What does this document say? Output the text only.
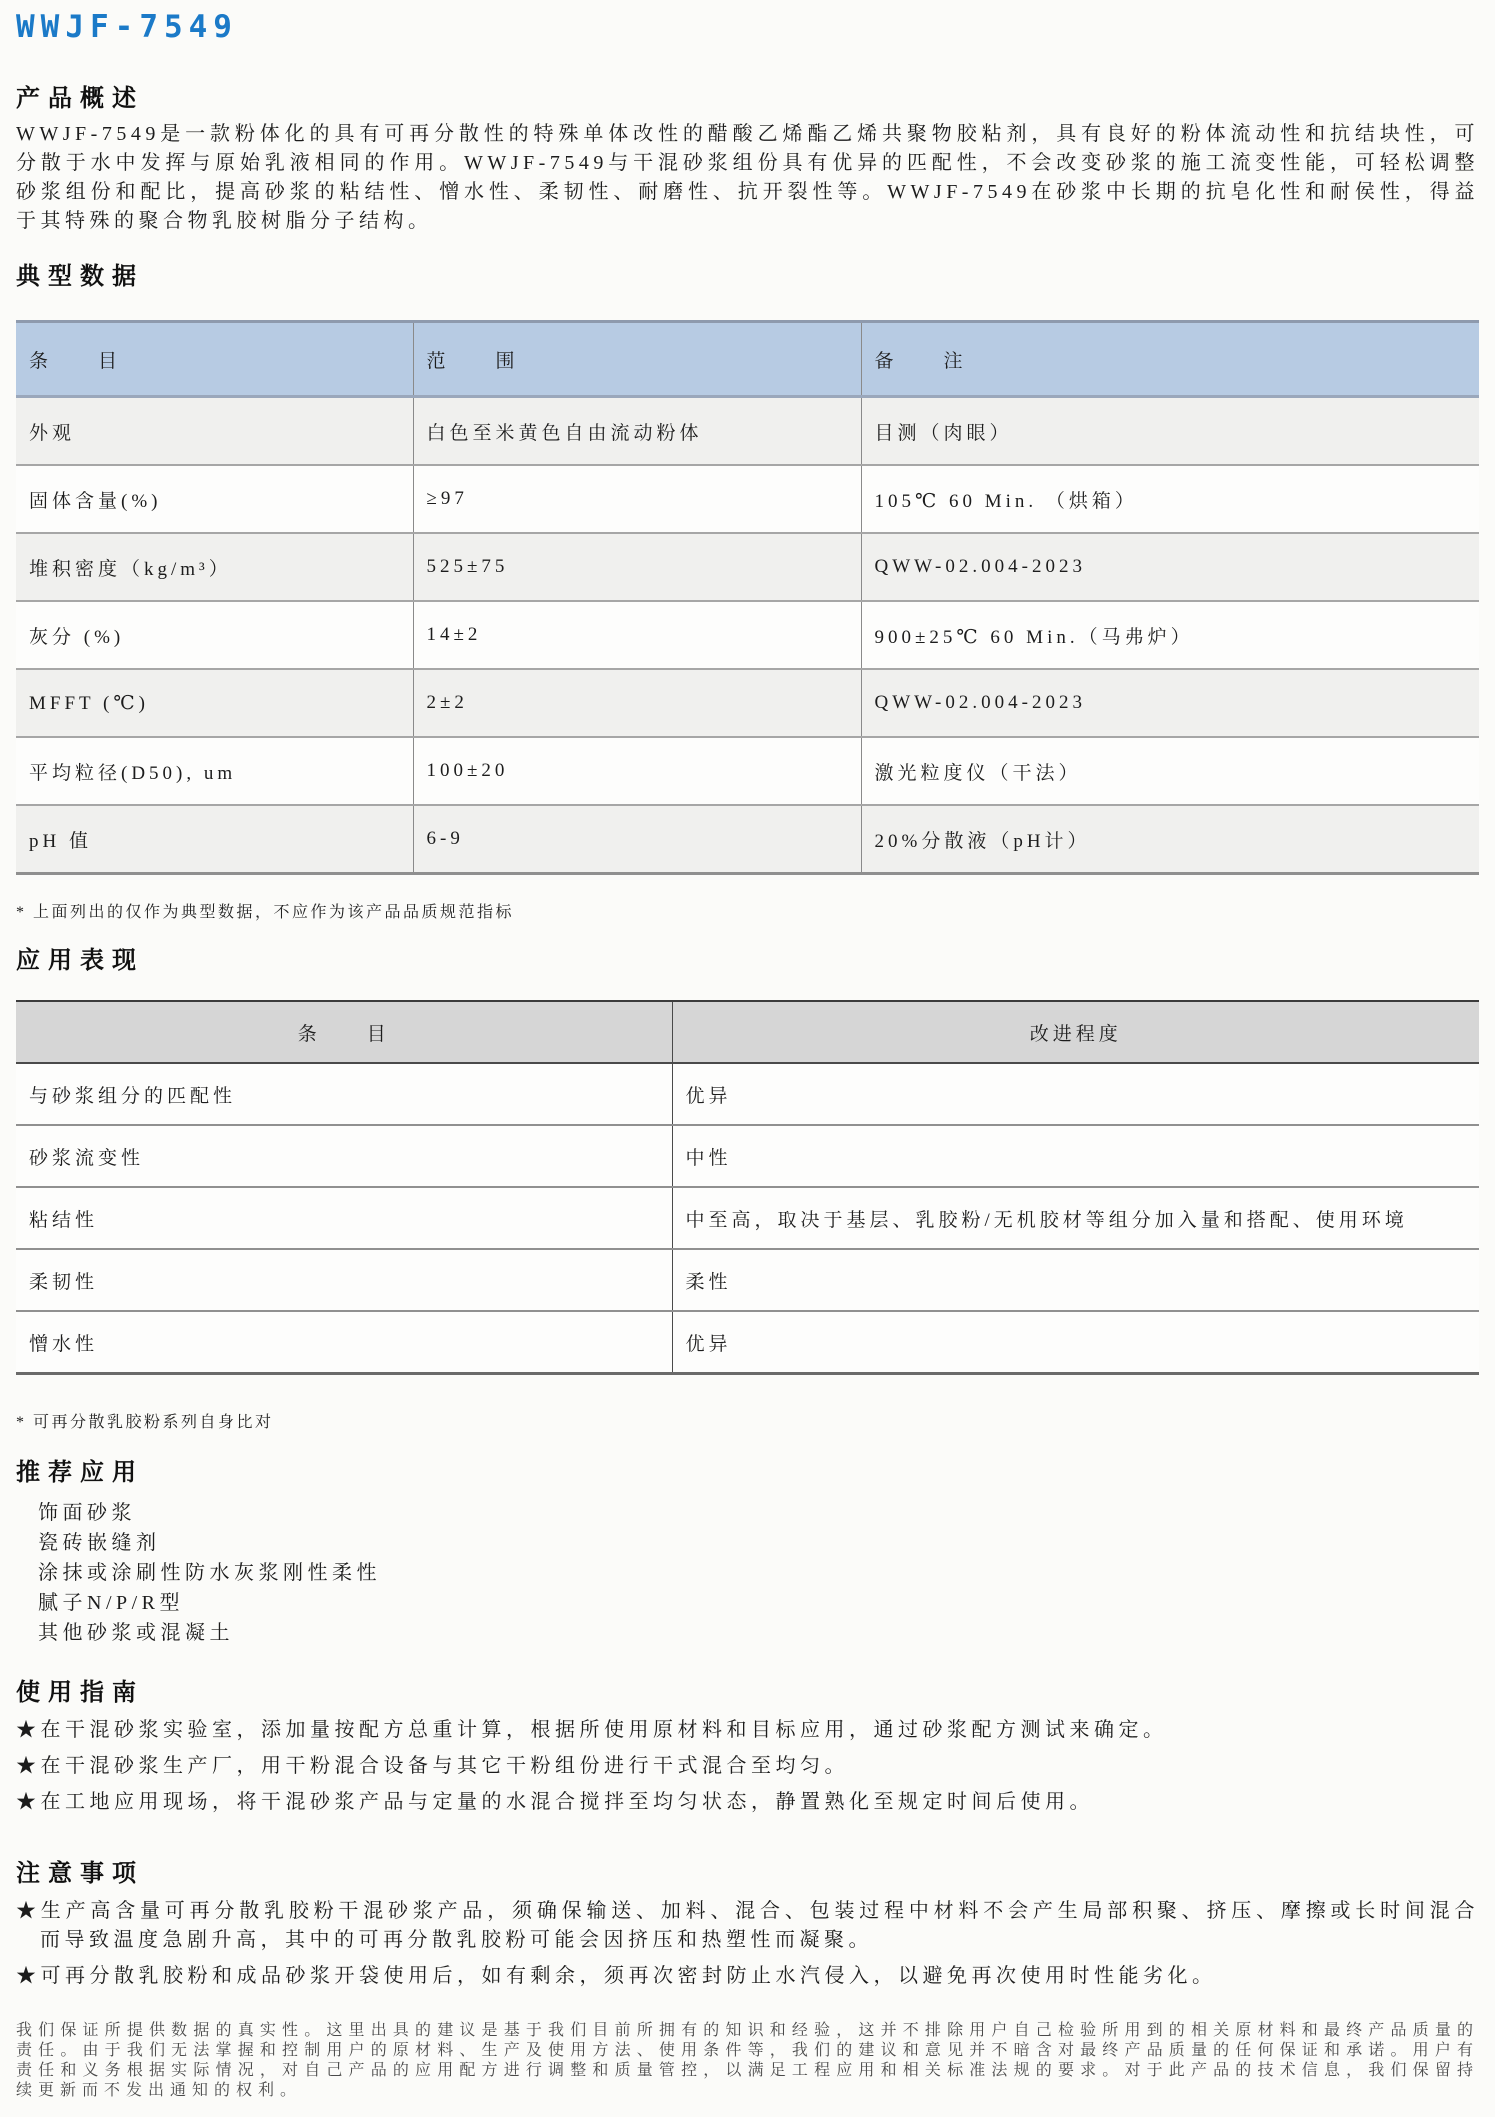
WWJF-7549
产品概述

WWJF-7549是一款粉体化的具有可再分散性的特殊单体改性的醋酸乙烯酯乙烯共聚物胶粘剂，具有良好的粉体流动性和抗结块性，可分散于水中发挥与原始乳液相同的作用。WWJF-7549与干混砂浆组份具有优异的匹配性，不会改变砂浆的施工流变性能，可轻松调整砂浆组份和配比，提高砂浆的粘结性、憎水性、柔韧性、耐磨性、抗开裂性等。WWJF-7549在砂浆中长期的抗皂化性和耐侯性，得益于其特殊的聚合物乳胶树脂分子结构。

典型数据
条　　目	范　　围	备　　注
外观	白色至米黄色自由流动粉体	目测（肉眼）
固体含量(%)	≥97	105℃ 60 Min. （烘箱）
堆积密度（kg/m³）	525±75	QWW-02.004-2023
灰分 (%)	14±2	900±25℃ 60 Min.（马弗炉）
MFFT (℃)	2±2	QWW-02.004-2023
平均粒径(D50), um	100±20	激光粒度仪（干法）
pH 值	6-9	20%分散液（pH计）
* 上面列出的仅作为典型数据，不应作为该产品品质规范指标
应用表现
条　　目	改进程度
与砂浆组分的匹配性	优异
砂浆流变性	中性
粘结性	中至高，取决于基层、乳胶粉/无机胶材等组分加入量和搭配、使用环境
柔韧性	柔性
憎水性	优异
* 可再分散乳胶粉系列自身比对
推荐应用
饰面砂浆
瓷砖嵌缝剂
涂抹或涂刷性防水灰浆刚性柔性
腻子N/P/R型
其他砂浆或混凝土
使用指南
★在干混砂浆实验室，添加量按配方总重计算，根据所使用原材料和目标应用，通过砂浆配方测试来确定。
★在干混砂浆生产厂，用干粉混合设备与其它干粉组份进行干式混合至均匀。
★在工地应用现场，将干混砂浆产品与定量的水混合搅拌至均匀状态，静置熟化至规定时间后使用。
注意事项
★生产高含量可再分散乳胶粉干混砂浆产品，须确保输送、加料、混合、包装过程中材料不会产生局部积聚、挤压、摩擦或长时间混合而导致温度急剧升高，其中的可再分散乳胶粉可能会因挤压和热塑性而凝聚。
★可再分散乳胶粉和成品砂浆开袋使用后，如有剩余，须再次密封防止水汽侵入，以避免再次使用时性能劣化。

我们保证所提供数据的真实性。这里出具的建议是基于我们目前所拥有的知识和经验，这并不排除用户自己检验所用到的相关原材料和最终产品质量的责任。由于我们无法掌握和控制用户的原材料、生产及使用方法、使用条件等，我们的建议和意见并不暗含对最终产品质量的任何保证和承诺。用户有责任和义务根据实际情况，对自己产品的应用配方进行调整和质量管控，以满足工程应用和相关标准法规的要求。对于此产品的技术信息，我们保留持续更新而不发出通知的权利。
